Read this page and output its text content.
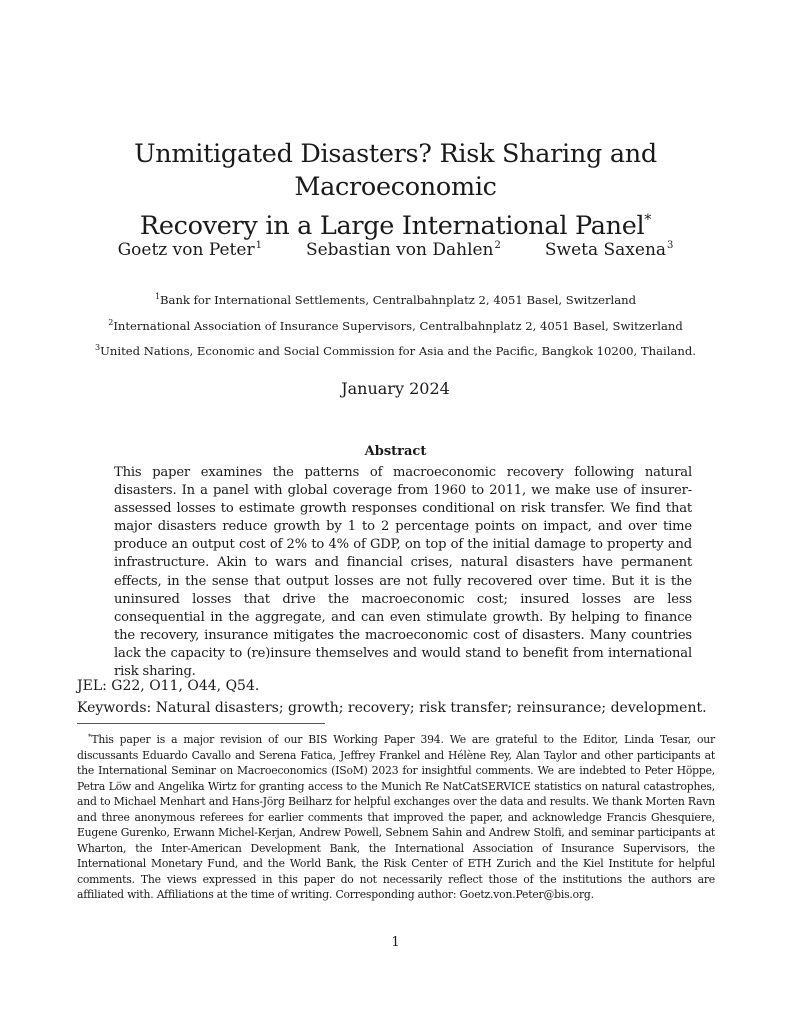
Unmitigated Disasters? Risk Sharing and Macroeconomic
Recovery in a Large International Panel*
Goetz von Peter$^1$	Sebastian von Dahlen$^2$	Sweta Saxena$^3$
$^1$Bank for International Settlements, Centralbahnplatz 2, 4051 Basel, Switzerland
$^2$International Association of Insurance Supervisors, Centralbahnplatz 2, 4051 Basel, Switzerland
$^3$United Nations, Economic and Social Commission for Asia and the Pacific, Bangkok 10200, Thailand.
January 2024
Abstract
This paper examines the patterns of macroeconomic recovery following natural disasters. In a panel with global coverage from 1960 to 2011, we make use of insurer-assessed losses to estimate growth responses conditional on risk transfer. We find that major disasters reduce growth by 1 to 2 percentage points on impact, and over time produce an output cost of 2% to 4% of GDP, on top of the initial damage to property and infrastructure. Akin to wars and financial crises, natural disasters have permanent effects, in the sense that output losses are not fully recovered over time. But it is the uninsured losses that drive the macroeconomic cost; insured losses are less consequential in the aggregate, and can even stimulate growth. By helping to finance the recovery, insurance mitigates the macroeconomic cost of disasters. Many countries lack the capacity to (re)insure themselves and would stand to benefit from international risk sharing.
JEL: G22, O11, O44, Q54.
Keywords: Natural disasters; growth; recovery; risk transfer; reinsurance; development.
*This paper is a major revision of our BIS Working Paper 394. We are grateful to the Editor, Linda Tesar, our discussants Eduardo Cavallo and Serena Fatica, Jeffrey Frankel and Hélène Rey, Alan Taylor and other participants at the International Seminar on Macroeconomics (ISoM) 2023 for insightful comments. We are indebted to Peter Höppe, Petra Löw and Angelika Wirtz for granting access to the Munich Re NatCatSERVICE statistics on natural catastrophes, and to Michael Menhart and Hans-Jörg Beilharz for helpful exchanges over the data and results. We thank Morten Ravn and three anonymous referees for earlier comments that improved the paper, and acknowledge Francis Ghesquiere, Eugene Gurenko, Erwann Michel-Kerjan, Andrew Powell, Sebnem Sahin and Andrew Stolfi, and seminar participants at Wharton, the Inter-American Development Bank, the International Association of Insurance Supervisors, the International Monetary Fund, and the World Bank, the Risk Center of ETH Zurich and the Kiel Institute for helpful comments. The views expressed in this paper do not necessarily reflect those of the institutions the authors are affiliated with. Affiliations at the time of writing. Corresponding author: Goetz.von.Peter@bis.org.
1
